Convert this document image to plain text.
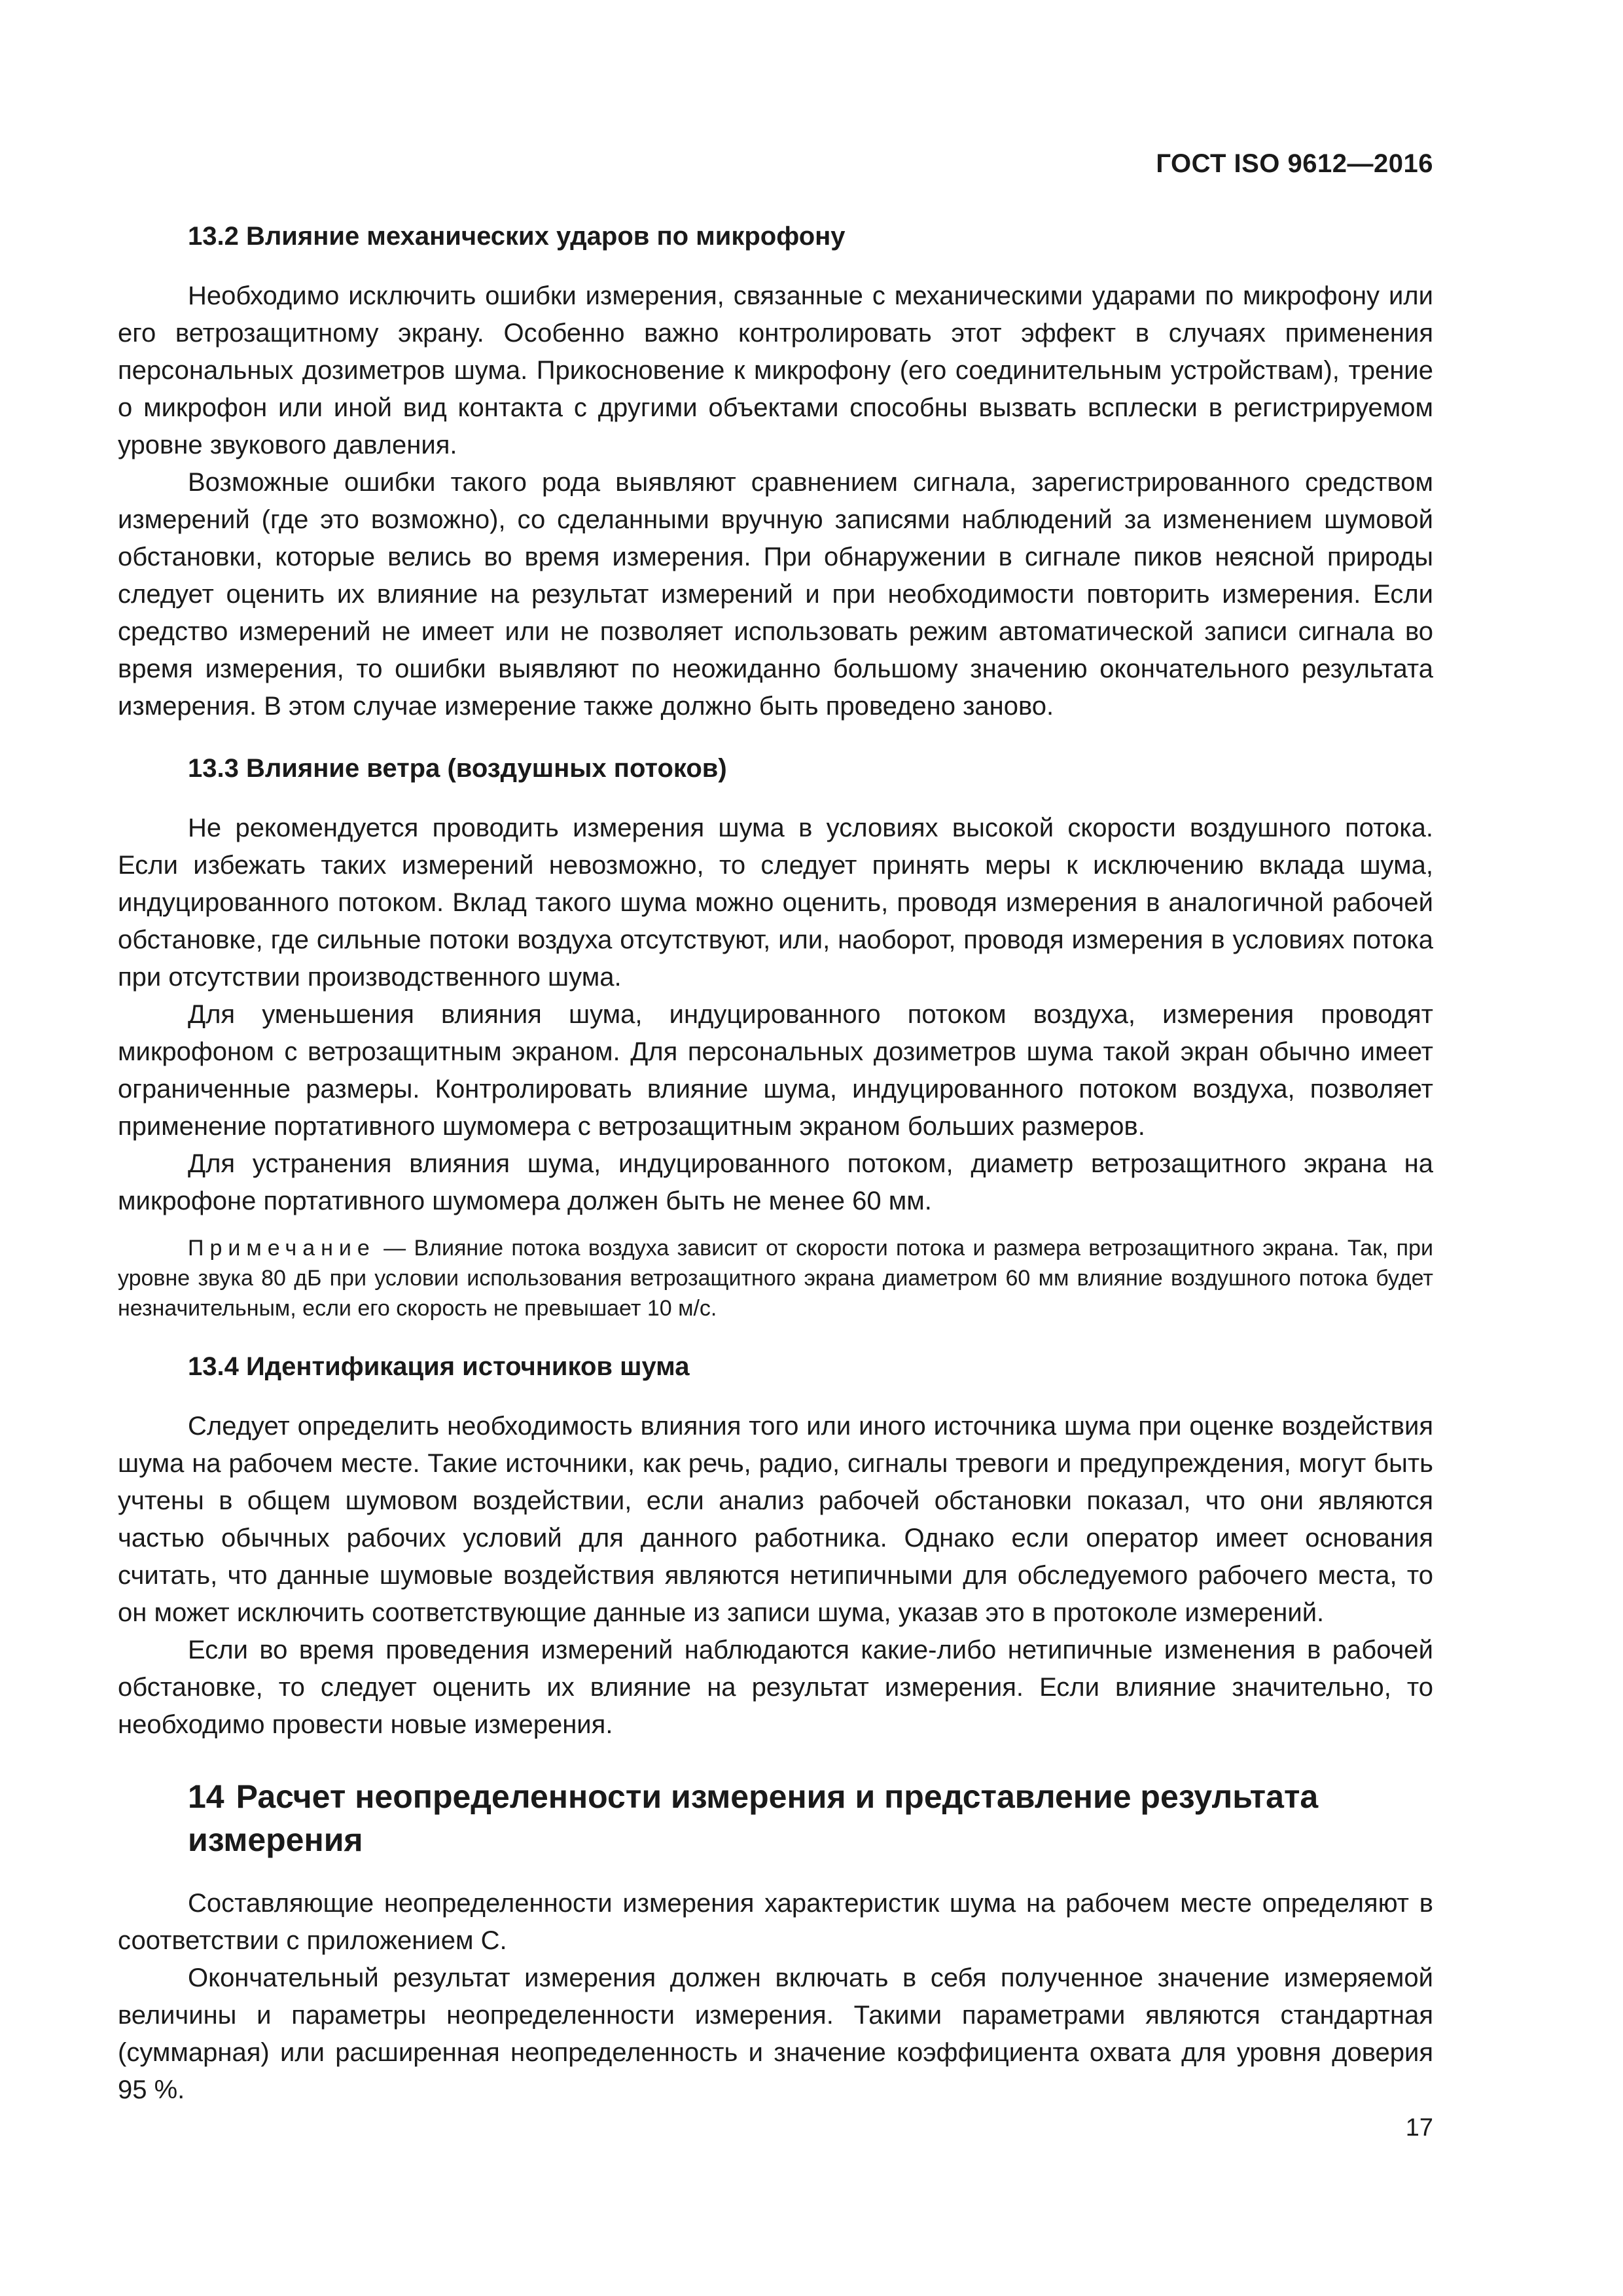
ГОСТ ISO 9612—2016
13.2 Влияние механических ударов по микрофону

Необходимо исключить ошибки измерения, связанные с механическими ударами по микрофону или его ветрозащитному экрану. Особенно важно контролировать этот эффект в случаях применения персональных дозиметров шума. Прикосновение к микрофону (его соединительным устройствам), трение о микрофон или иной вид контакта с другими объектами способны вызвать всплески в регистрируемом уровне звукового давления.

Возможные ошибки такого рода выявляют сравнением сигнала, зарегистрированного средством измерений (где это возможно), со сделанными вручную записями наблюдений за изменением шумовой обстановки, которые велись во время измерения. При обнаружении в сигнале пиков неясной природы следует оценить их влияние на результат измерений и при необходимости повторить измерения. Если средство измерений не имеет или не позволяет использовать режим автоматической записи сигнала во время измерения, то ошибки выявляют по неожиданно большому значению окончательного результата измерения. В этом случае измерение также должно быть проведено заново.

13.3 Влияние ветра (воздушных потоков)

Не рекомендуется проводить измерения шума в условиях высокой скорости воздушного потока. Если избежать таких измерений невозможно, то следует принять меры к исключению вклада шума, индуцированного потоком. Вклад такого шума можно оценить, проводя измерения в аналогичной рабочей обстановке, где сильные потоки воздуха отсутствуют, или, наоборот, проводя измерения в условиях потока при отсутствии производственного шума.

Для уменьшения влияния шума, индуцированного потоком воздуха, измерения проводят микрофоном с ветрозащитным экраном. Для персональных дозиметров шума такой экран обычно имеет ограниченные размеры. Контролировать влияние шума, индуцированного потоком воздуха, позволяет применение портативного шумомера с ветрозащитным экраном больших размеров.

Для устранения влияния шума, индуцированного потоком, диаметр ветрозащитного экрана на микрофоне портативного шумомера должен быть не менее 60 мм.

Примечание — Влияние потока воздуха зависит от скорости потока и размера ветрозащитного экрана. Так, при уровне звука 80 дБ при условии использования ветрозащитного экрана диаметром 60 мм влияние воздушного потока будет незначительным, если его скорость не превышает 10 м/с.

13.4 Идентификация источников шума

Следует определить необходимость влияния того или иного источника шума при оценке воздействия шума на рабочем месте. Такие источники, как речь, радио, сигналы тревоги и предупреждения, могут быть учтены в общем шумовом воздействии, если анализ рабочей обстановки показал, что они являются частью обычных рабочих условий для данного работника. Однако если оператор имеет основания считать, что данные шумовые воздействия являются нетипичными для обследуемого рабочего места, то он может исключить соответствующие данные из записи шума, указав это в протоколе измерений.

Если во время проведения измерений наблюдаются какие-либо нетипичные изменения в рабочей обстановке, то следует оценить их влияние на результат измерения. Если влияние значительно, то необходимо провести новые измерения.

14 Расчет неопределенности измерения и представление результата измерения

Составляющие неопределенности измерения характеристик шума на рабочем месте определяют в соответствии с приложением С.

Окончательный результат измерения должен включать в себя полученное значение измеряемой величины и параметры неопределенности измерения. Такими параметрами являются стандартная (суммарная) или расширенная неопределенность и значение коэффициента охвата для уровня доверия 95 %.

17
